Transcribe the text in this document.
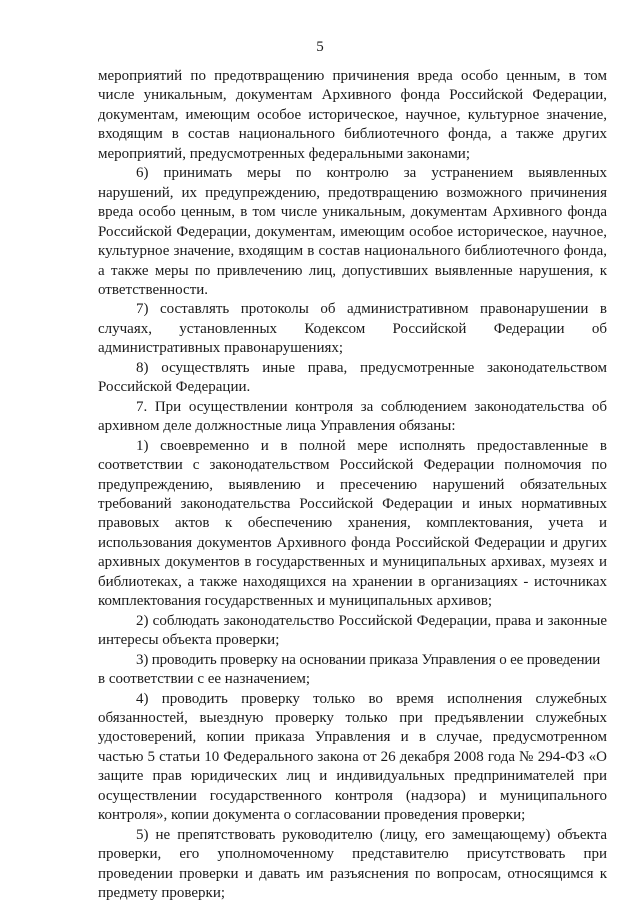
5

мероприятий по предотвращению причинения вреда особо ценным, в том числе уникальным, документам Архивного фонда Российской Федерации, документам, имеющим особое историческое, научное, культурное значение, входящим в состав национального библиотечного фонда, а также других мероприятий, предусмотренных федеральными законами;

6) принимать меры по контролю за устранением выявленных нарушений, их предупреждению, предотвращению возможного причинения вреда особо ценным, в том числе уникальным, документам Архивного фонда Российской Федерации, документам, имеющим особое историческое, научное, культурное значение, входящим в состав национального библиотечного фонда, а также меры по привлечению лиц, допустивших выявленные нарушения, к ответственности.

7) составлять протоколы об административном правонарушении в случаях, установленных Кодексом Российской Федерации об административных правонарушениях;

8) осуществлять иные права, предусмотренные законодательством Российской Федерации.

7. При осуществлении контроля за соблюдением законодательства об архивном деле должностные лица Управления обязаны:

1) своевременно и в полной мере исполнять предоставленные в соответствии с законодательством Российской Федерации полномочия по предупреждению, выявлению и пресечению нарушений обязательных требований законодательства Российской Федерации и иных нормативных правовых актов к обеспечению хранения, комплектования, учета и использования документов Архивного фонда Российской Федерации и других архивных документов в государственных и муниципальных архивах, музеях и библиотеках, а также находящихся на хранении в организациях - источниках комплектования государственных и муниципальных архивов;

2) соблюдать законодательство Российской Федерации, права и законные интересы объекта проверки;

3) проводить проверку на основании приказа Управления о ее проведении

в соответствии с ее назначением;

4) проводить проверку только во время исполнения служебных обязанностей, выездную проверку только при предъявлении служебных удостоверений, копии приказа Управления и в случае, предусмотренном частью 5 статьи 10 Федерального закона от 26 декабря 2008 года № 294-ФЗ «О защите прав юридических лиц и индивидуальных предпринимателей при осуществлении государственного контроля (надзора) и муниципального контроля», копии документа о согласовании проведения проверки;

5) не препятствовать руководителю (лицу, его замещающему) объекта проверки, его уполномоченному представителю присутствовать при проведении проверки и давать им разъяснения по вопросам, относящимся к предмету проверки;
